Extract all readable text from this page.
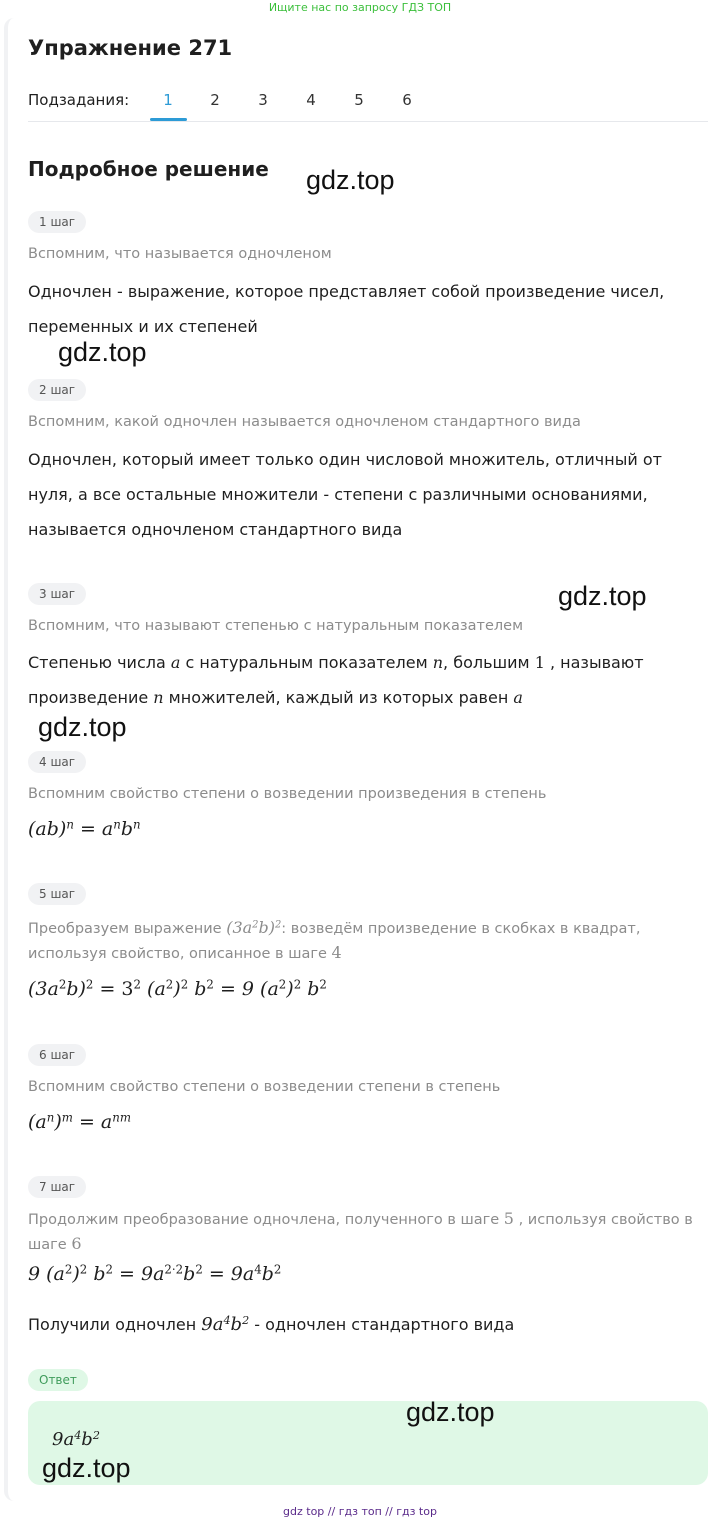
Ищите нас по запросу ГДЗ ТОП
Упражнение 271
Подзадания:	1	2	3	4	5	6
Подробное решение
1 шаг
Вспомним, что называется одночленом
Одночлен - выражение, которое представляет собой произведение чисел, переменных и их степеней
2 шаг
Вспомним, какой одночлен называется одночленом стандартного вида
Одночлен, который имеет только один числовой множитель, отличный от нуля, а все остальные множители - степени с различными основаниями, называется одночленом стандартного вида
3 шаг
Вспомним, что называют степенью с натуральным показателем
Степенью числа a с натуральным показателем n, большим 1 , называют
произведение n множителей, каждый из которых равен a
4 шаг
Вспомним свойство степени о возведении произведения в степень
$(ab)^n = a^nb^n$
5 шаг
Преобразуем выражение $(3a^2b)^2$: возведём произведение в скобках в квадрат,
используя свойство, описанное в шаге 4
$(3a^2b)^2 = 3^2$ $(a^2)^2$ $b^2 = 9$ $(a^2)^2$ $b^2$
6 шаг
Вспомним свойство степени о возведении степени в степень
$(a^n)^m = a^{nm}$
7 шаг
Продолжим преобразование одночлена, полученного в шаге 5 , используя свойство в
шаге 6
9 $(a^2)^2$ $b^2 = 9a^{2\cdot 2}b^2 = 9a^4b^2$
Получили одночлен $9a^4b^2$ - одночлен стандартного вида
Ответ
$9a^4b^2$
gdz.top
gdz.top
gdz.top
gdz.top
gdz.top
gdz.top
gdz top // гдз топ // гдз top
